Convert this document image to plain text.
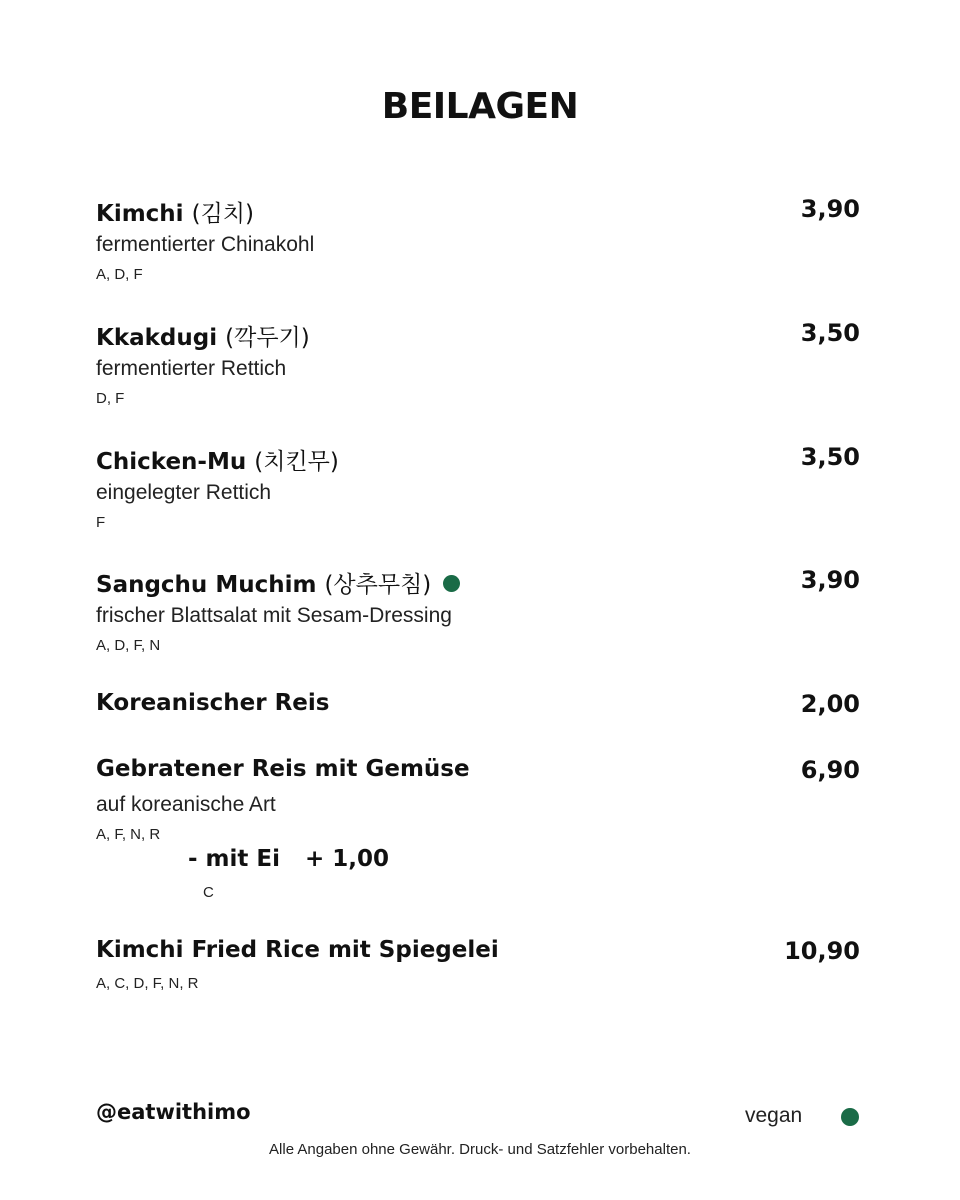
BEILAGEN
Kimchi (김치)	3,90
fermentierter Chinakohl
A, D, F
Kkakdugi (깍두기)	3,50
fermentierter Rettich
D, F
Chicken-Mu (치킨무)	3,50
eingelegter Rettich
F
Sangchu Muchim (상추무침)	3,90
frischer Blattsalat mit Sesam-Dressing
A, D, F, N
Koreanischer Reis	2,00
Gebratener Reis mit Gemüse	6,90
auf koreanische Art
A, F, N, R
- mit Ei + 1,00
C
Kimchi Fried Rice mit Spiegelei	10,90
A, C, D, F, N, R
@eatwithimo	vegan
Alle Angaben ohne Gewähr. Druck- und Satzfehler vorbehalten.
